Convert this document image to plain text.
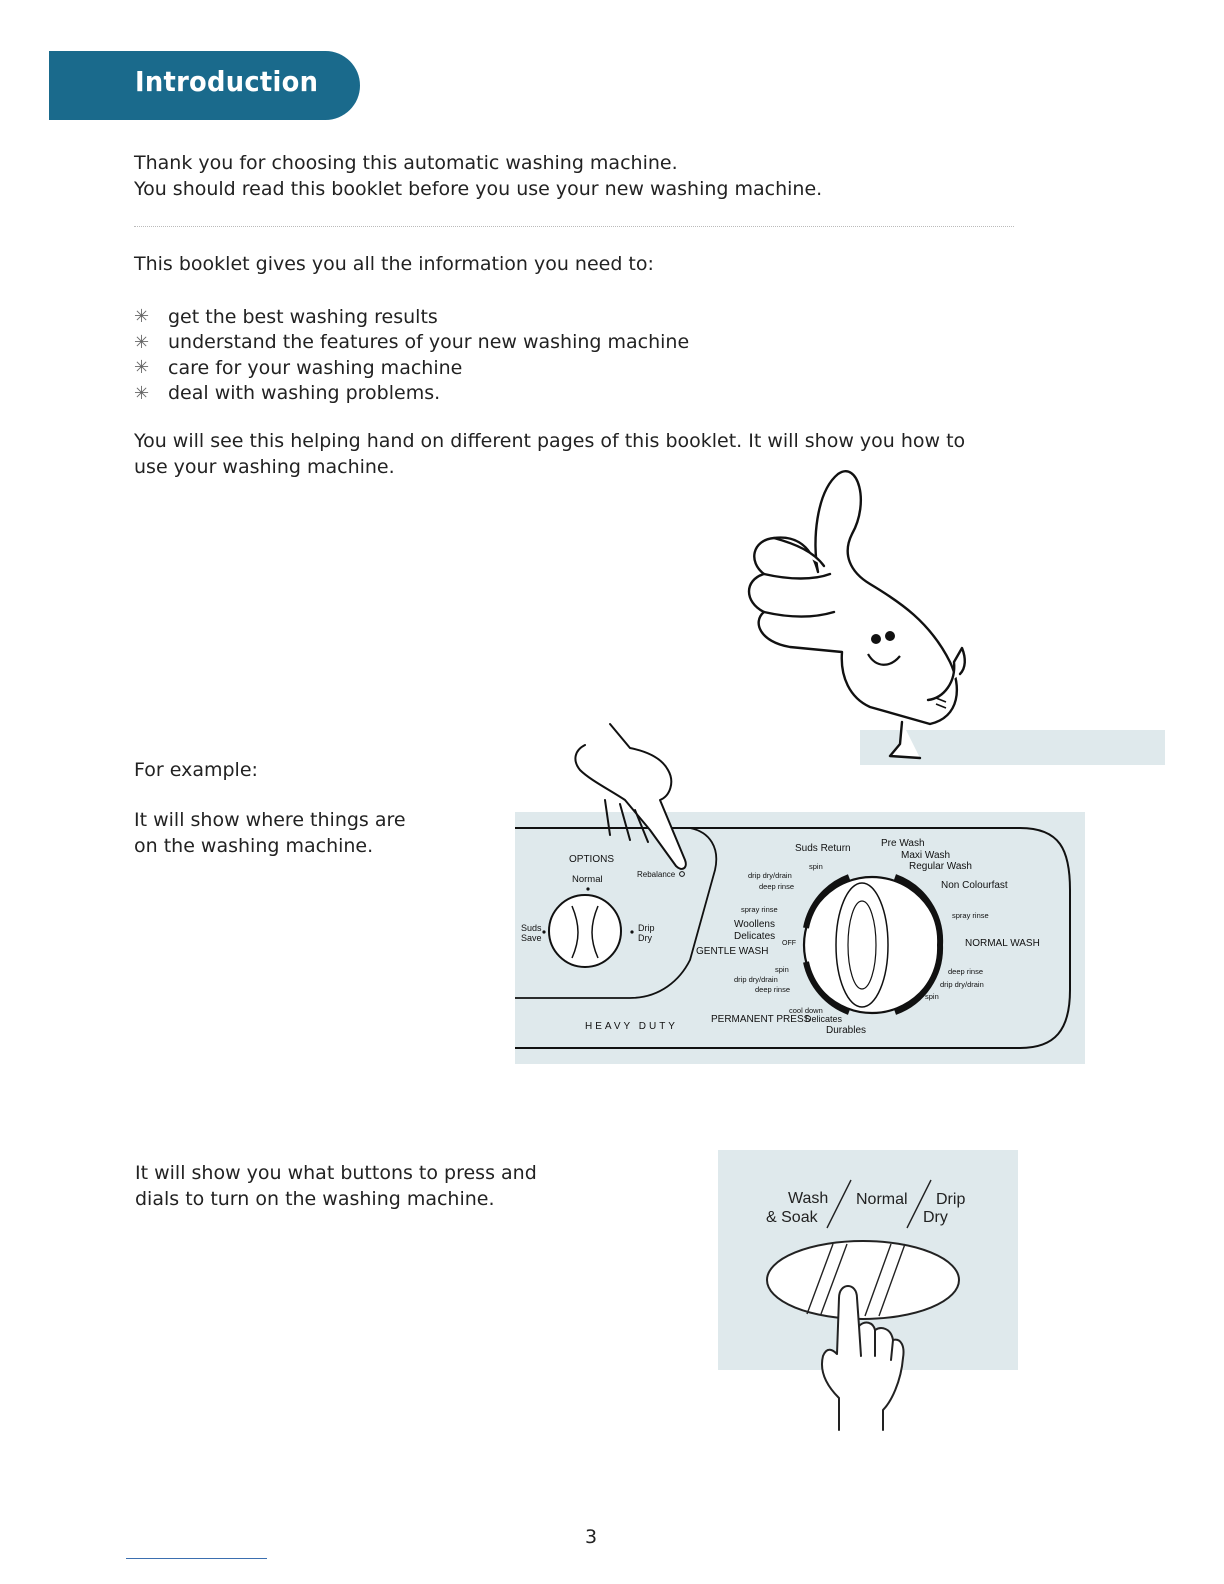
Introduction
Thank you for choosing this automatic washing machine.
You should read this booklet before you use your new washing machine.
This booklet gives you all the information you need to:
✳ get the best washing results
✳ understand the features of your new washing machine
✳ care for your washing machine
✳ deal with washing problems.
You will see this helping hand on different pages of this booklet. It will show you how to
use your washing machine.
For example:
It will show where things are
on the washing machine.
OPTIONS
Normal	Rebalance
Suds
Save
Drip
Dry
HEAVY DUTY
Suds Return	Pre Wash
Maxi Wash
Regular Wash
Non Colourfast
spray rinse
NORMAL WASH
deep rinse
drip dry/drain
spin
spin
drip dry/drain
deep rinse
spray rinse
Woollens
Delicates
GENTLE WASH
OFF
spin
drip dry/drain
deep rinse
cool down
PERMANENT PRESS
Delicates
Durables
It will show you what buttons to press and
dials to turn on the washing machine.	Wash
& Soak
Normal Drip
Dry
3
